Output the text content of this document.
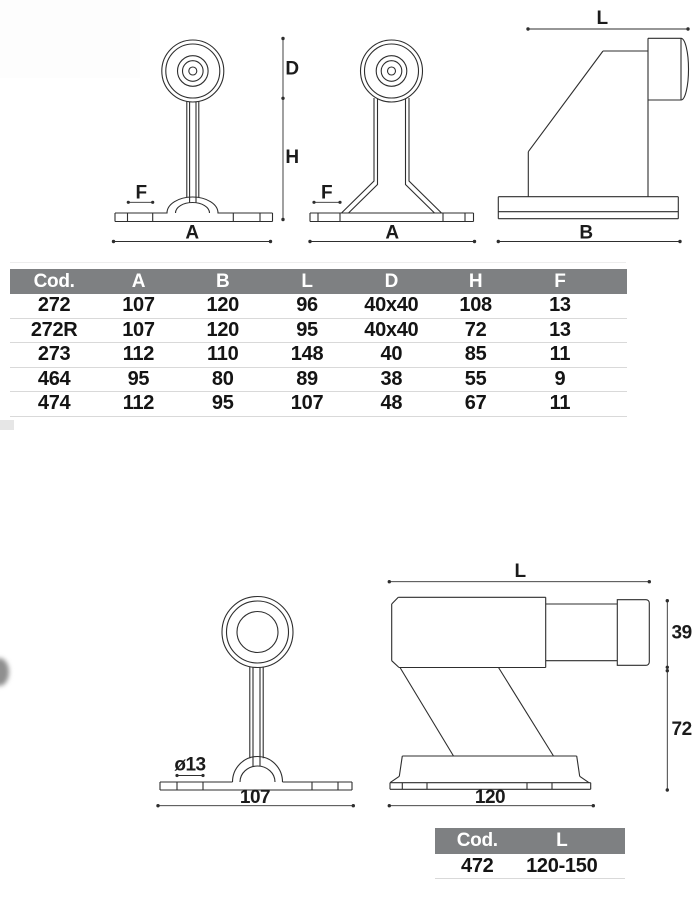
D
H
F
A
F
A
L
B
ø13
107
L
39
72
120
Cod.	A	B	L	D	H	F
272	107	120	96	40x40	108	13
272R	107	120	95	40x40	72	13
273	112	110	148	40	85	11
464	95	80	89	38	55	9
474	112	95	107	48	67	11
Cod.	L
472	120-150
